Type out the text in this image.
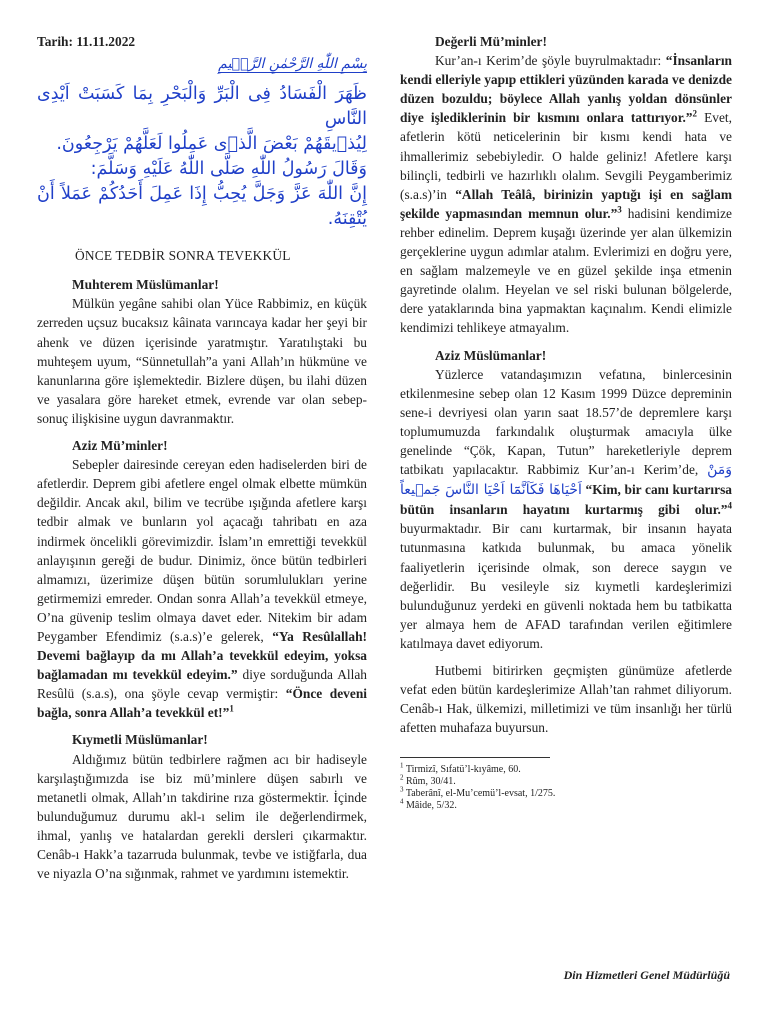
Tarih: 11.11.2022
بِسْمِ اللّٰهِ الرَّحْمٰنِ الرَّح۪يمِ

ظَهَرَ الْفَسَادُ فِى الْبَرِّ وَالْبَحْرِ بِمَا كَسَبَتْ اَيْدِى النَّاسِ

لِيُذ۪يقَهُمْ بَعْضَ الَّذ۪ى عَمِلُوا لَعَلَّهُمْ يَرْجِعُونَ.

وَقَالَ رَسُولُ اللّٰهِ صَلَّى اللّٰهُ عَلَيْهِ وَسَلَّمَ:

إِنَّ اللّٰهَ عَزَّ وَجَلَّ يُحِبُّ إِذَا عَمِلَ أَحَدُكُمْ عَمَلاً أَنْ يُتْقِنَهُ.

ÖNCE TEDBİR SONRA TEVEKKÜL
Muhterem Müslümanlar!

Mülkün yegâne sahibi olan Yüce Rabbimiz, en küçük zerreden uçsuz bucaksız kâinata varıncaya kadar her şeyi bir ahenk ve düzen içerisinde yaratmıştır. Yaratılıştaki bu muhteşem uyum, “Sünnetullah”a yani Allah’ın hükmüne ve kanunlarına göre işlemektedir. Bizlere düşen, bu ilahi düzen ve yasalara göre hareket etmek, evrende var olan sebep-sonuç ilişkisine uygun davranmaktır.

Aziz Mü’minler!

Sebepler dairesinde cereyan eden hadiselerden biri de afetlerdir. Deprem gibi afetlere engel olmak elbette mümkün değildir. Ancak akıl, bilim ve tecrübe ışığında afetlere karşı tedbir almak ve bunların yol açacağı tahribatı en aza indirmek öncelikli görevimizdir. İslam’ın emrettiği tevekkül anlayışının gereği de budur. Dinimiz, önce bütün tedbirleri almamızı, üzerimize düşen bütün sorumlulukları yerine getirmemizi emreder. Ondan sonra Allah’a tevekkül etmeye, O’na güvenip teslim olmaya davet eder. Nitekim bir adam Peygamber Efendimiz (s.a.s)’e gelerek, “Ya Resûlallah! Devemi bağlayıp da mı Allah’a tevekkül edeyim, yoksa bağlamadan mı tevekkül edeyim.” diye sorduğunda Allah Resûlü (s.a.s), ona şöyle cevap vermiştir: “Önce deveni bağla, sonra Allah’a tevekkül et!”$^1$

Kıymetli Müslümanlar!

Aldığımız bütün tedbirlere rağmen acı bir hadiseyle karşılaştığımızda ise biz mü’minlere düşen sabırlı ve metanetli olmak, Allah’ın takdirine rıza göstermektir. İçinde bulunduğumuz durumu akl-ı selim ile değerlendirmek, ihmal, yanlış ve hatalardan gerekli dersleri çıkarmaktır. Cenâb-ı Hakk’a tazarruda bulunmak, tevbe ve istiğfarla, dua ve niyazla O’na sığınmak, rahmet ve yardımını istemektir.

Değerli Mü’minler!

Kur’an-ı Kerim’de şöyle buyrulmaktadır: “İnsanların kendi elleriyle yapıp ettikleri yüzünden karada ve denizde düzen bozuldu; böylece Allah yanlış yoldan dönsünler diye işlediklerinin bir kısmını onlara tattırıyor.”$^2$ Evet, afetlerin kötü neticelerinin bir kısmı kendi hata ve ihmallerimiz sebebiyledir. O halde geliniz! Afetlere karşı bilinçli, tedbirli ve hazırlıklı olalım. Sevgili Peygamberimiz (s.a.s)’in “Allah Teâlâ, birinizin yaptığı işi en sağlam şekilde yapmasından memnun olur.”$^3$ hadisini kendimize rehber edinelim. Deprem kuşağı üzerinde yer alan ülkemizin gerçeklerine uygun adımlar atalım. Evlerimizi en doğru yere, en sağlam malzemeyle ve en güzel şekilde inşa etmenin gayretinde olalım. Heyelan ve sel riski bulunan bölgelerde, dere yataklarında bina yapmaktan kaçınalım. Kendi elimizle kendimizi tehlikeye atmayalım.

Aziz Müslümanlar!

Yüzlerce vatandaşımızın vefatına, binlercesinin etkilenmesine sebep olan 12 Kasım 1999 Düzce depreminin sene-i devriyesi olan yarın saat 18.57’de depremlere karşı toplumumuzda farkındalık oluşturmak amacıyla ülke genelinde “Çök, Kapan, Tutun” hareketleriyle deprem tatbikatı yapılacaktır. Rabbimiz Kur’an-ı Kerim’de, وَمَنْ اَحْيَاهَا فَكَاَنَّمَٓا اَحْيَا النَّاسَ جَم۪يعاً “Kim, bir canı kurtarırsa bütün insanların hayatını kurtarmış gibi olur.”$^4$ buyurmaktadır. Bir canı kurtarmak, bir insanın hayata tutunmasına katkıda bulunmak, bu amaca yönelik faaliyetlerin içerisinde olmak, son derece saygın ve değerlidir. Bu vesileyle siz kıymetli kardeşlerimizi bulunduğunuz yerdeki en güvenli noktada hem bu tatbikatta yer almaya hem de AFAD tarafından verilen eğitimlere katılmaya davet ediyorum.

Hutbemi bitirirken geçmişten günümüze afetlerde vefat eden bütün kardeşlerimize Allah’tan rahmet diliyorum. Cenâb-ı Hak, ülkemizi, milletimizi ve tüm insanlığı her türlü afetten muhafaza buyursun.

$^1$ Tirmizî, Sıfatü’l-kıyâme, 60.

$^2$ Rûm, 30/41.

$^3$ Taberânî, el-Mu’cemü’l-evsat, 1/275.

$^4$ Mâide, 5/32.

Din Hizmetleri Genel Müdürlüğü
